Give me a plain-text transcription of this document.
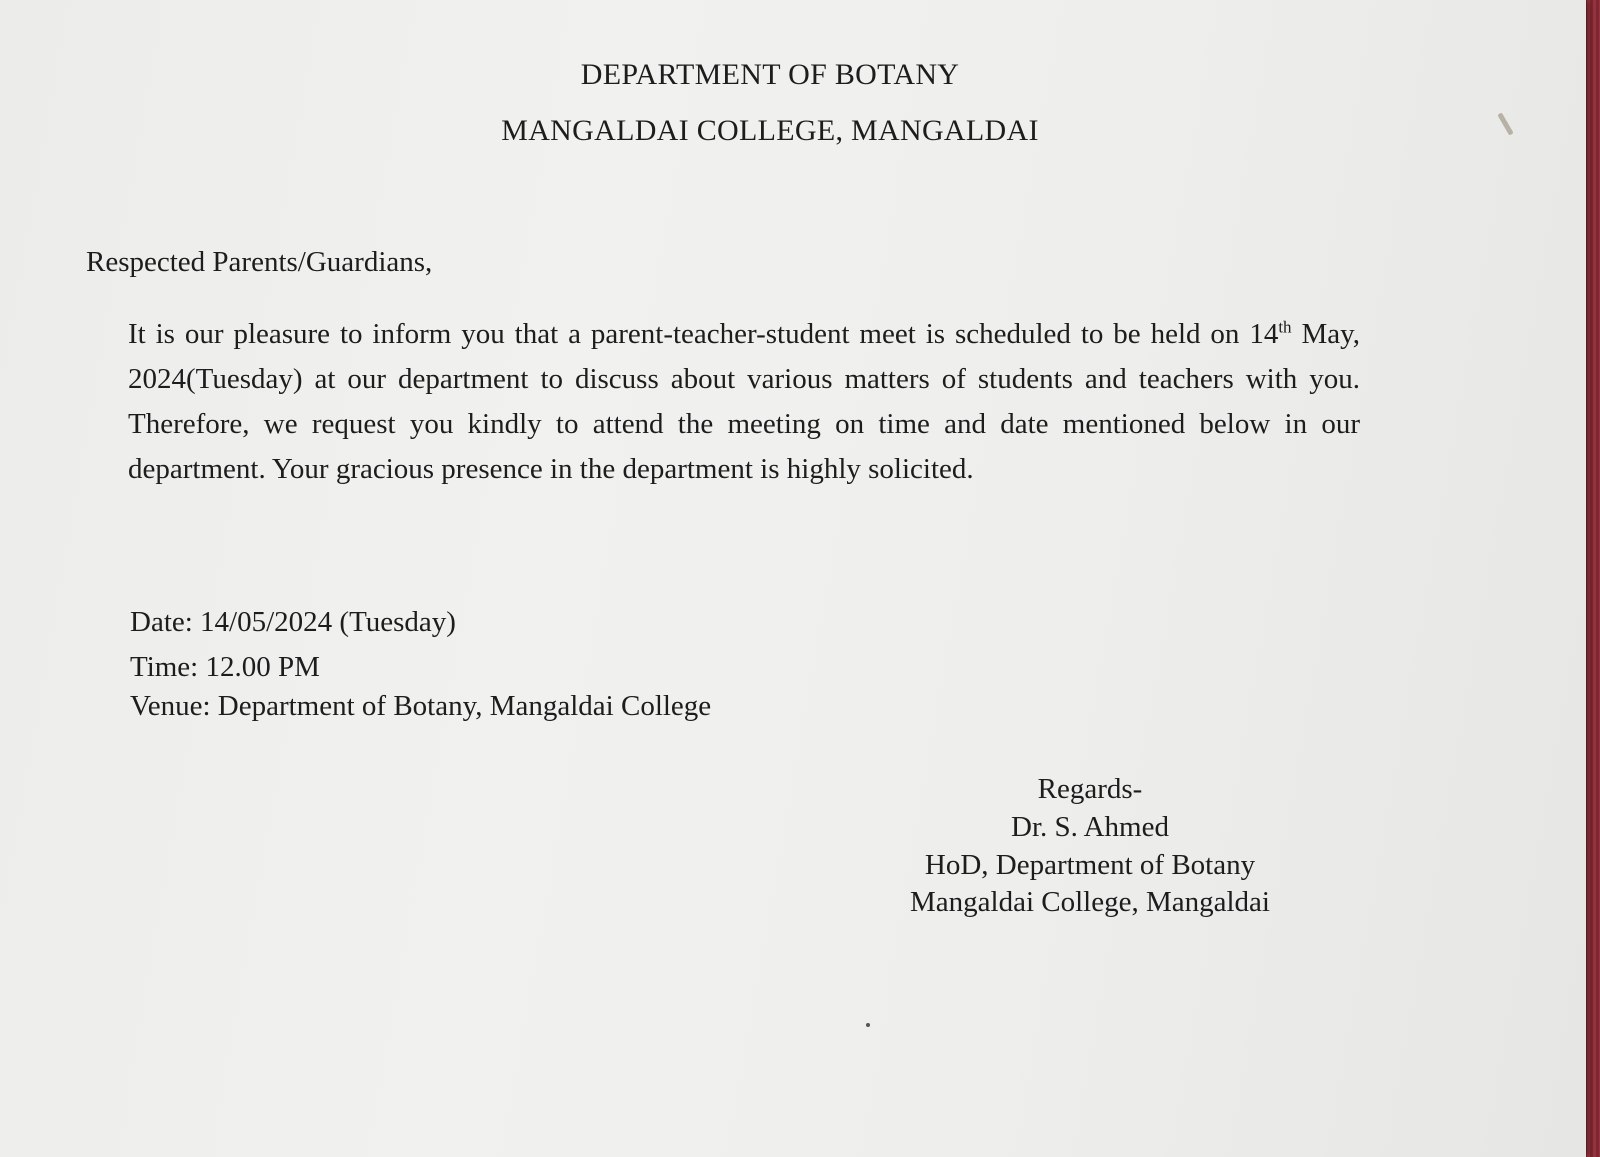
DEPARTMENT OF BOTANY
MANGALDAI COLLEGE, MANGALDAI
Respected Parents/Guardians,

It is our pleasure to inform you that a parent-teacher-student meet is scheduled to be held on 14th May, 2024(Tuesday) at our department to discuss about various matters of students and teachers with you. Therefore, we request you kindly to attend the meeting on time and date mentioned below in our department. Your gracious presence in the department is highly solicited.

Date: 14/05/2024 (Tuesday)
Time: 12.00 PM
Venue: Department of Botany, Mangaldai College
Regards-
Dr. S. Ahmed
HoD, Department of Botany
Mangaldai College, Mangaldai
